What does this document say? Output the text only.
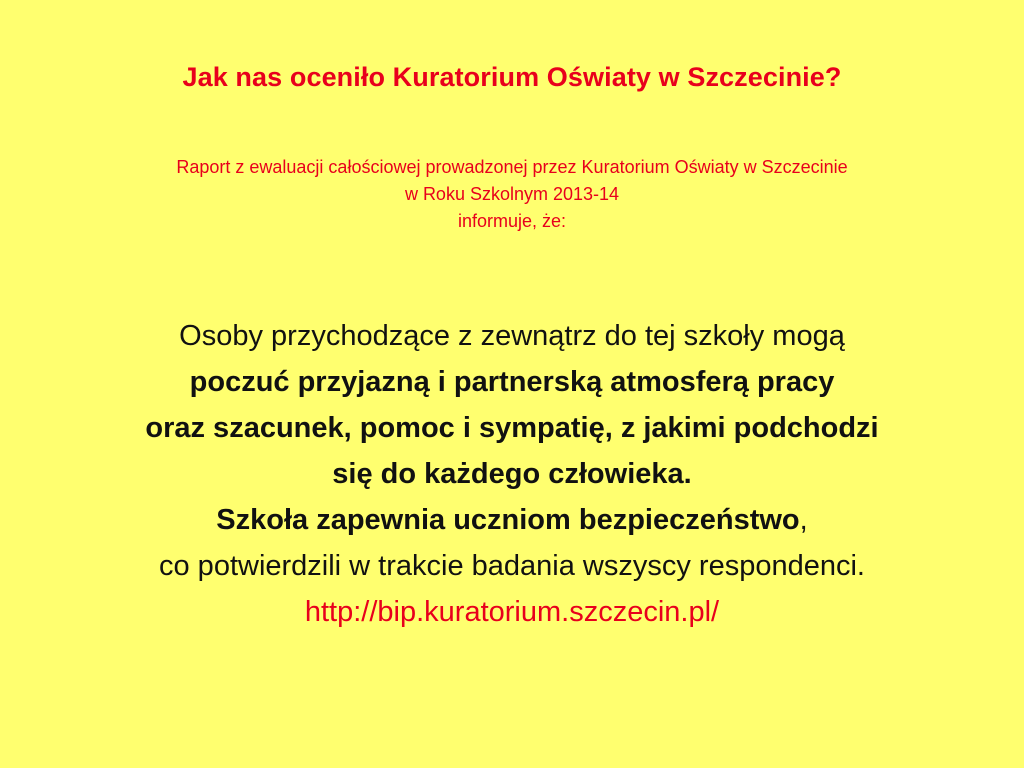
Jak nas oceniło Kuratorium Oświaty w Szczecinie?
Raport z ewaluacji całościowej prowadzonej przez Kuratorium Oświaty w Szczecinie
w Roku Szkolnym 2013-14
informuje, że:
Osoby przychodzące z zewnątrz do tej szkoły mogą
poczuć przyjazną i partnerską atmosferą pracy
oraz szacunek, pomoc i sympatię, z jakimi podchodzi
się do każdego człowieka.
Szkoła zapewnia uczniom bezpieczeństwo,
co potwierdzili w trakcie badania wszyscy respondenci.
http://bip.kuratorium.szczecin.pl/
